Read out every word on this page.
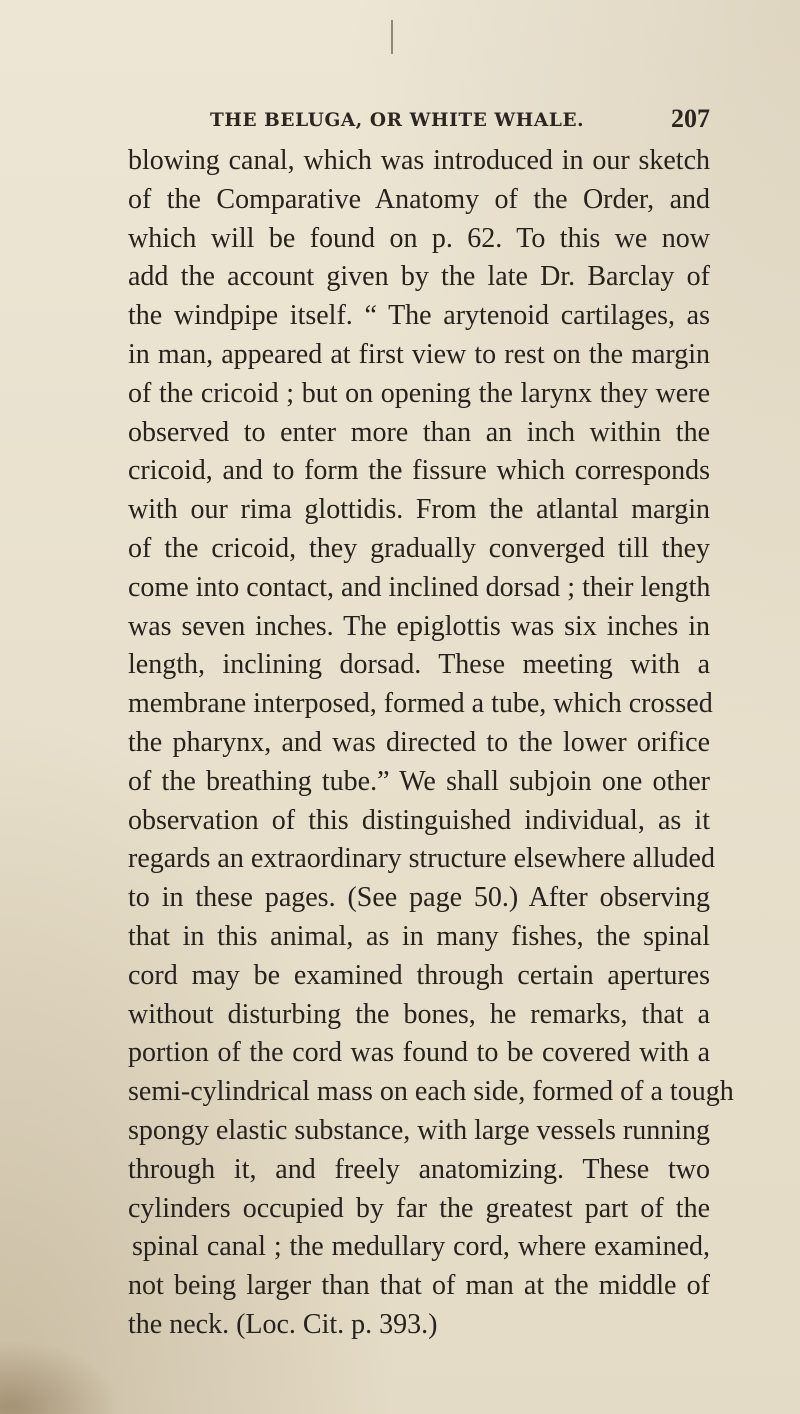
THE BELUGA, OR WHITE WHALE.	207
blowing canal, which was introduced in our sketch
of the Comparative Anatomy of the Order, and
which will be found on p. 62. To this we now
add the account given by the late Dr. Barclay of
the windpipe itself. “ The arytenoid cartilages, as
in man, appeared at first view to rest on the margin
of the cricoid ; but on opening the larynx they were
observed to enter more than an inch within the
cricoid, and to form the fissure which corresponds
with our rima glottidis. From the atlantal margin
of the cricoid, they gradually converged till they
come into contact, and inclined dorsad ; their length
was seven inches. The epiglottis was six inches in
length, inclining dorsad. These meeting with a
membrane interposed, formed a tube, which crossed
the pharynx, and was directed to the lower orifice
of the breathing tube.” We shall subjoin one other
observation of this distinguished individual, as it
regards an extraordinary structure elsewhere alluded
to in these pages. (See page 50.) After observing
that in this animal, as in many fishes, the spinal
cord may be examined through certain apertures
without disturbing the bones, he remarks, that a
portion of the cord was found to be covered with a
semi-cylindrical mass on each side, formed of a tough
spongy elastic substance, with large vessels running
through it, and freely anatomizing. These two
cylinders occupied by far the greatest part of the
spinal canal ; the medullary cord, where examined,
not being larger than that of man at the middle of
the neck. (Loc. Cit. p. 393.)
